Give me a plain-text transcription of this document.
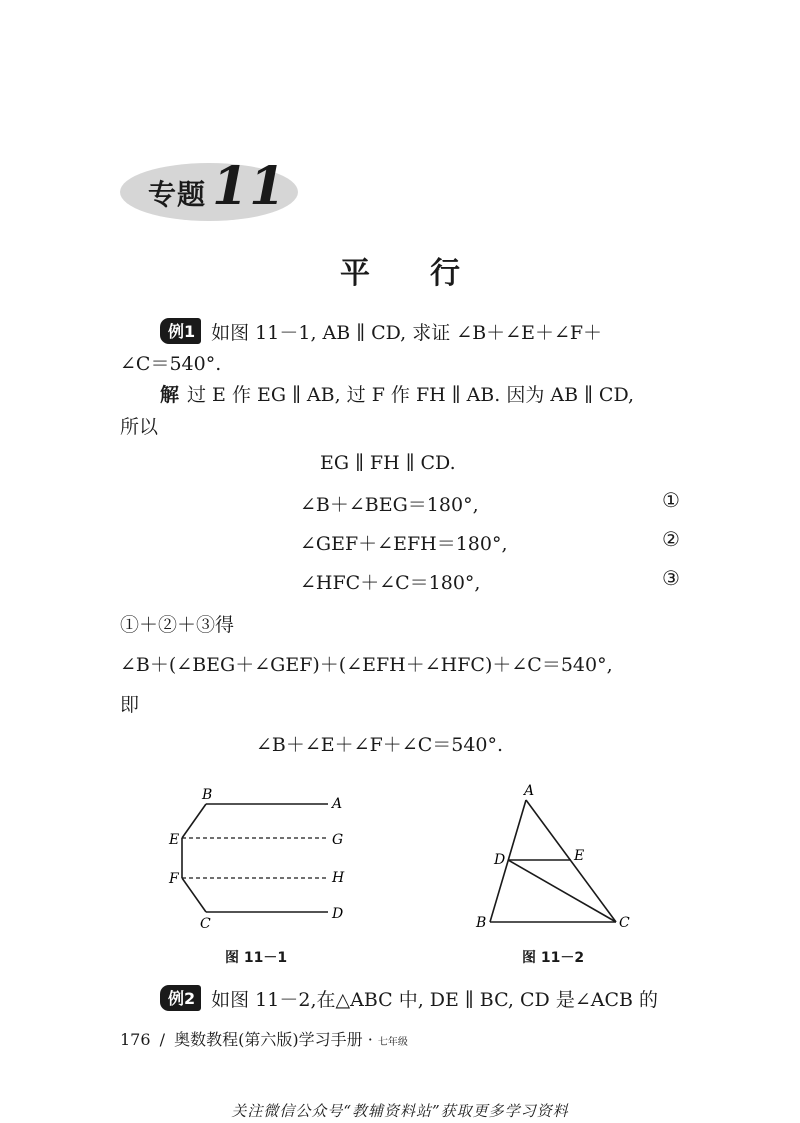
专题 11
平行
例1 如图 11－1, AB ∥ CD, 求证 ∠B＋∠E＋∠F＋
∠C＝540°.
解 过 E 作 EG ∥ AB, 过 F 作 FH ∥ AB. 因为 AB ∥ CD,
所以
EG ∥ FH ∥ CD.
∠B＋∠BEG＝180°,	①
∠GEF＋∠EFH＝180°,	②
∠HFC＋∠C＝180°,	③
①＋②＋③得
∠B＋(∠BEG＋∠GEF)＋(∠EFH＋∠HFC)＋∠C＝540°,
即
∠B＋∠E＋∠F＋∠C＝540°.
B
A
E	G
F	H
C
D
图 11－1
A
D	E
B	C
图 11－2
例2 如图 11－2,在△ABC 中, DE ∥ BC, CD 是∠ACB 的
176 / 奥数教程(第六版)学习手册 · 七年级
关注微信公众号“教辅资料站”获取更多学习资料
